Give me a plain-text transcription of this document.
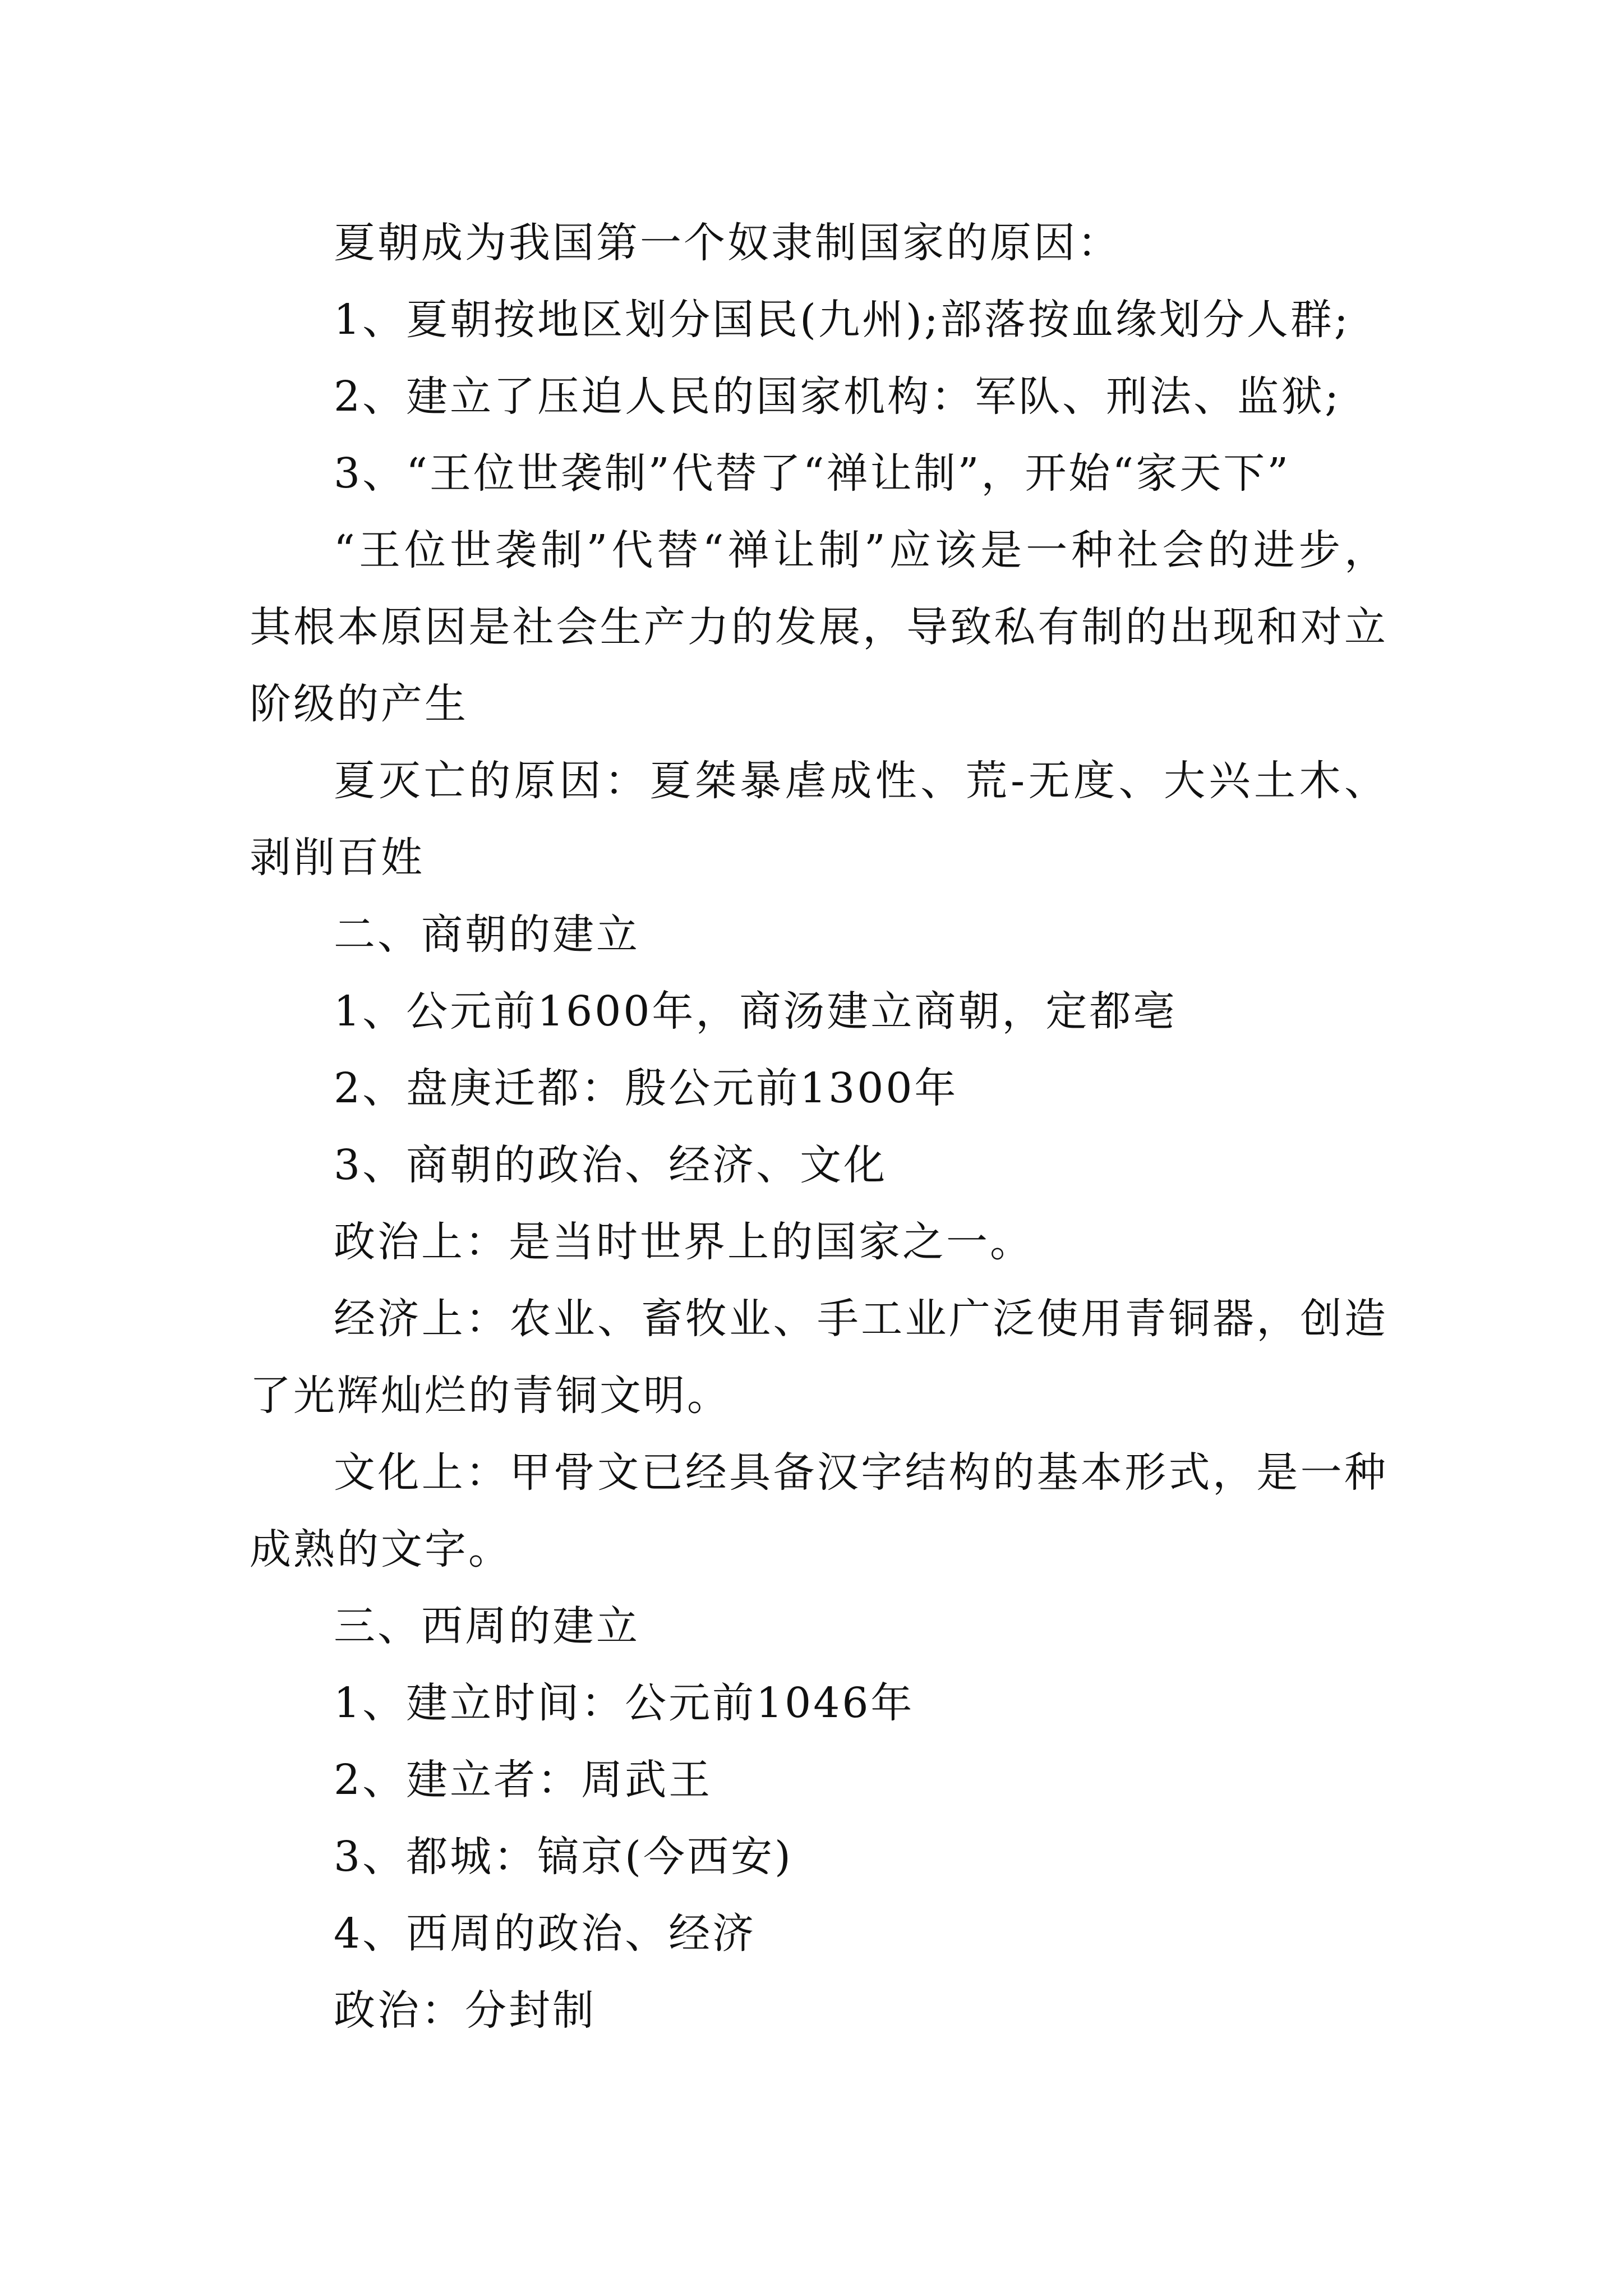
夏朝成为我国第一个奴隶制国家的原因：

1、夏朝按地区划分国民(九州);部落按血缘划分人群;

2、建立了压迫人民的国家机构：军队、刑法、监狱;

3、“王位世袭制”代替了“禅让制”，开始“家天下”

“王位世袭制”代替“禅让制”应该是一种社会的进步，其根本原因是社会生产力的发展，导致私有制的出现和对立阶级的产生

夏灭亡的原因：夏桀暴虐成性、荒-无度、大兴土木、剥削百姓

二、商朝的建立

1、公元前1600年，商汤建立商朝，定都亳

2、盘庚迁都：殷公元前1300年

3、商朝的政治、经济、文化

政治上：是当时世界上的国家之一。

经济上：农业、畜牧业、手工业广泛使用青铜器，创造了光辉灿烂的青铜文明。

文化上：甲骨文已经具备汉字结构的基本形式，是一种成熟的文字。

三、西周的建立

1、建立时间：公元前1046年

2、建立者：周武王

3、都城：镐京(今西安)

4、西周的政治、经济

政治：分封制
